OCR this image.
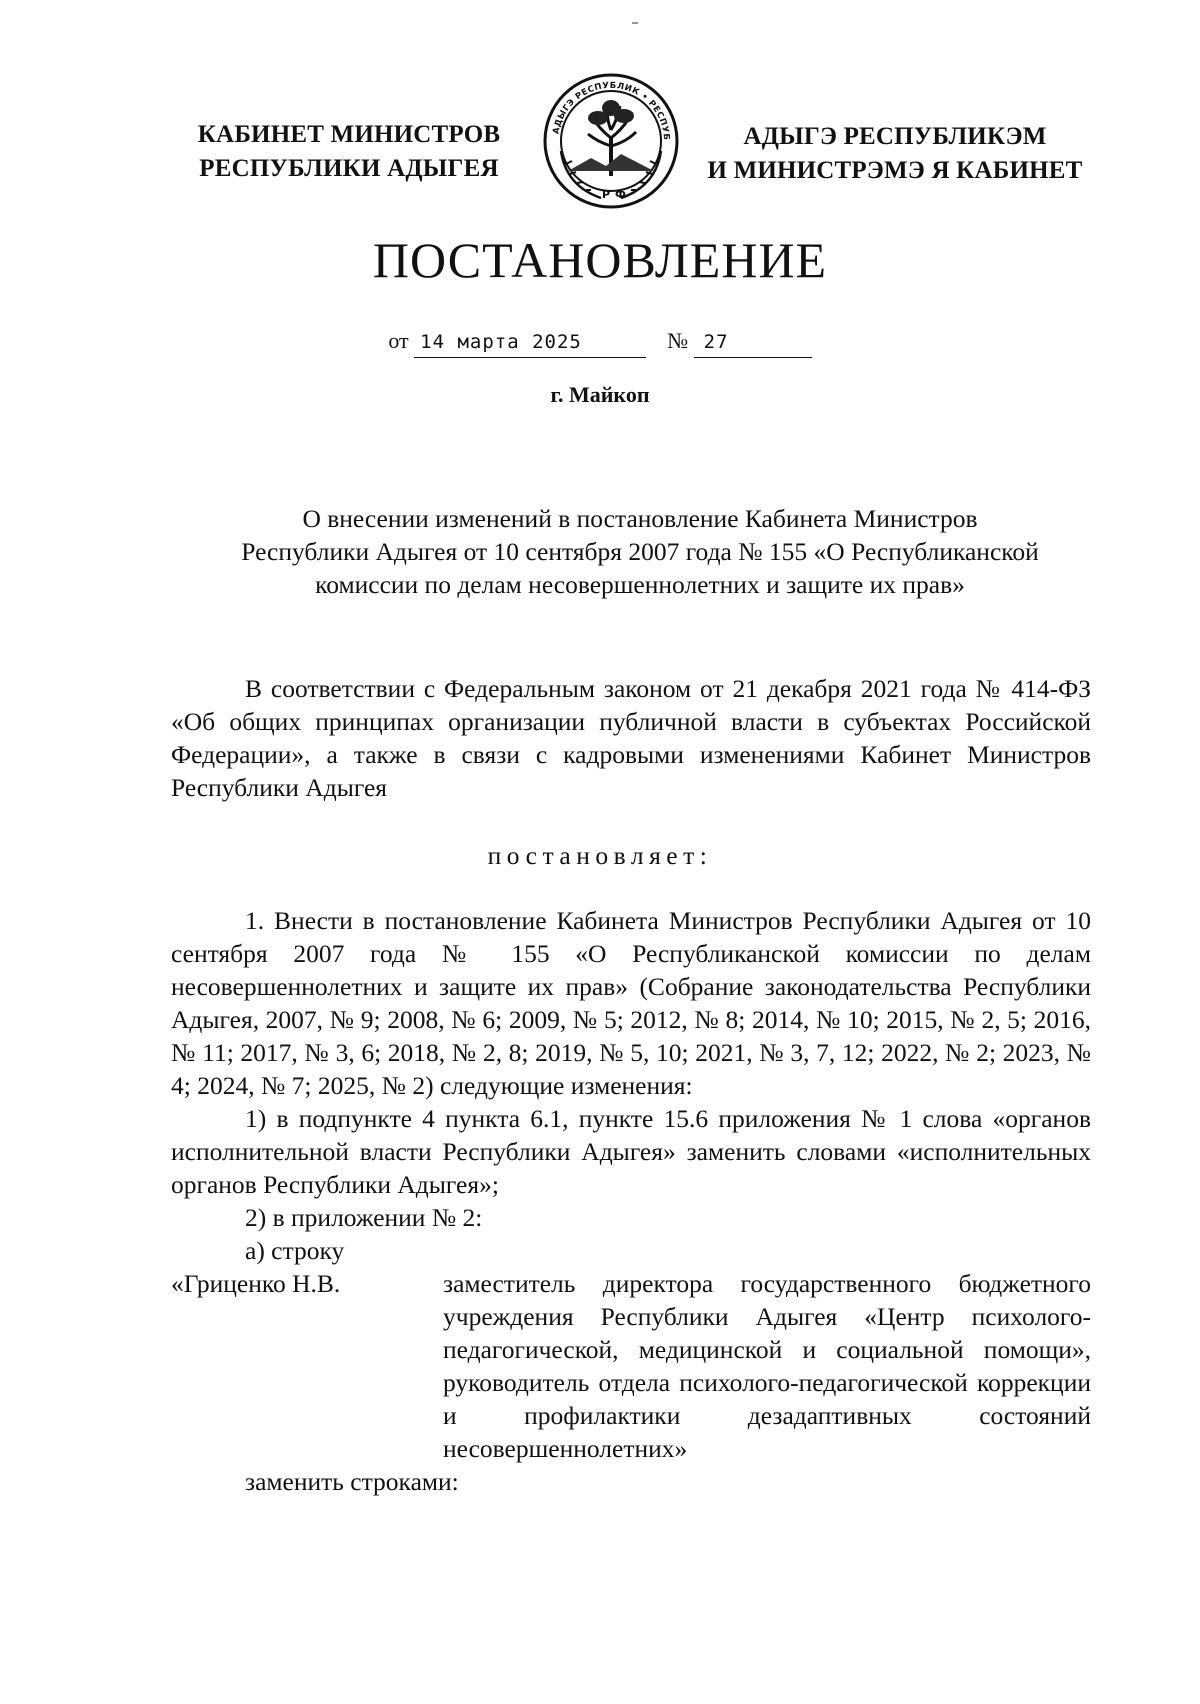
КАБИНЕТ МИНИСТРОВ
РЕСПУБЛИКИ АДЫГЕЯ
АДЫГЭ РЕСПУБЛИК • РЕСПУБ
Р Ф
АДЫГЭ РЕСПУБЛИКЭМ
И МИНИСТРЭМЭ Я КАБИНЕТ
ПОСТАНОВЛЕНИЕ
от 14 марта 2025	№ 27
г. Майкоп
О внесении изменений в постановление Кабинета Министров
Республики Адыгея от 10 сентября 2007 года № 155 «О Республиканской
комиссии по делам несовершеннолетних и защите их прав»

В соответствии с Федеральным законом от 21 декабря 2021 года № 414-ФЗ «Об общих принципах организации публичной власти в субъектах Российской Федерации», а также в связи с кадровыми изменениями Кабинет Министров Республики Адыгея

постановляет:

1. Внести в постановление Кабинета Министров Республики Адыгея от 10 сентября 2007 года № 155 «О Республиканской комиссии по делам несовершеннолетних и защите их прав» (Собрание законодательства Республики Адыгея, 2007, № 9; 2008, № 6; 2009, № 5; 2012, № 8; 2014, № 10; 2015, № 2, 5; 2016, № 11; 2017, № 3, 6; 2018, № 2, 8; 2019, № 5, 10; 2021, № 3, 7, 12; 2022, № 2; 2023, № 4; 2024, № 7; 2025, № 2) следующие изменения:

1) в подпункте 4 пункта 6.1, пункте 15.6 приложения № 1 слова «органов исполнительной власти Республики Адыгея» заменить словами «исполнительных органов Республики Адыгея»;

2) в приложении № 2:

а) строку

«Гриценко Н.В.	заместитель директора государственного бюджетного учреждения Республики Адыгея «Центр психолого-педагогической, медицинской и социальной помощи», руководитель отдела психолого-педагогической коррекции и профилактики дезадаптивных состояний несовершеннолетних»

заменить строками:
